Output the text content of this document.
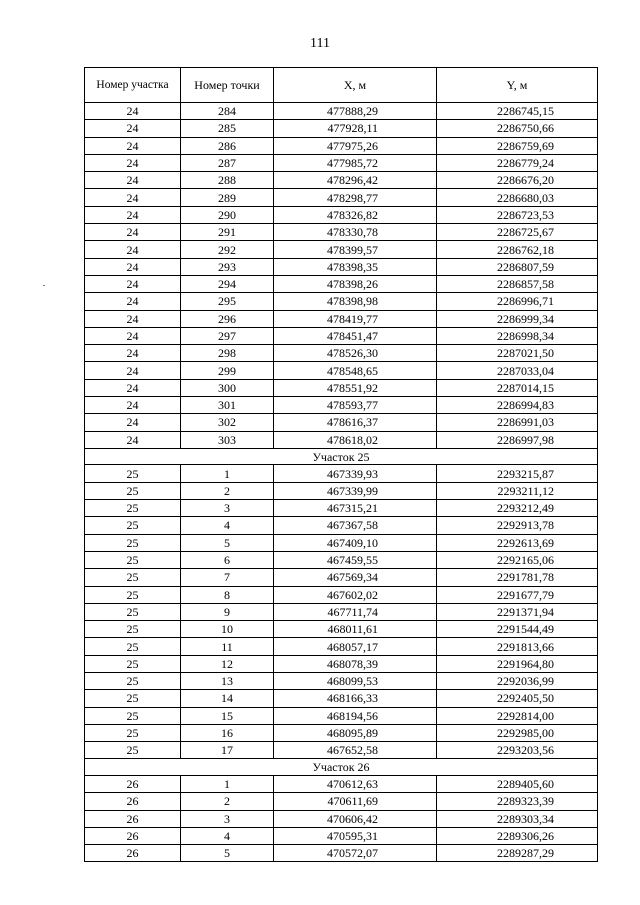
111
Номер участка	Номер точки	X, м	Y, м
24	284	477888,29	2286745,15
24	285	477928,11	2286750,66
24	286	477975,26	2286759,69
24	287	477985,72	2286779,24
24	288	478296,42	2286676,20
24	289	478298,77	2286680,03
24	290	478326,82	2286723,53
24	291	478330,78	2286725,67
24	292	478399,57	2286762,18
24	293	478398,35	2286807,59
24	294	478398,26	2286857,58
24	295	478398,98	2286996,71
24	296	478419,77	2286999,34
24	297	478451,47	2286998,34
24	298	478526,30	2287021,50
24	299	478548,65	2287033,04
24	300	478551,92	2287014,15
24	301	478593,77	2286994,83
24	302	478616,37	2286991,03
24	303	478618,02	2286997,98
Участок 25			
25	1	467339,93	2293215,87
25	2	467339,99	2293211,12
25	3	467315,21	2293212,49
25	4	467367,58	2292913,78
25	5	467409,10	2292613,69
25	6	467459,55	2292165,06
25	7	467569,34	2291781,78
25	8	467602,02	2291677,79
25	9	467711,74	2291371,94
25	10	468011,61	2291544,49
25	11	468057,17	2291813,66
25	12	468078,39	2291964,80
25	13	468099,53	2292036,99
25	14	468166,33	2292405,50
25	15	468194,56	2292814,00
25	16	468095,89	2292985,00
25	17	467652,58	2293203,56
Участок 26			
26	1	470612,63	2289405,60
26	2	470611,69	2289323,39
26	3	470606,42	2289303,34
26	4	470595,31	2289306,26
26	5	470572,07	2289287,29
